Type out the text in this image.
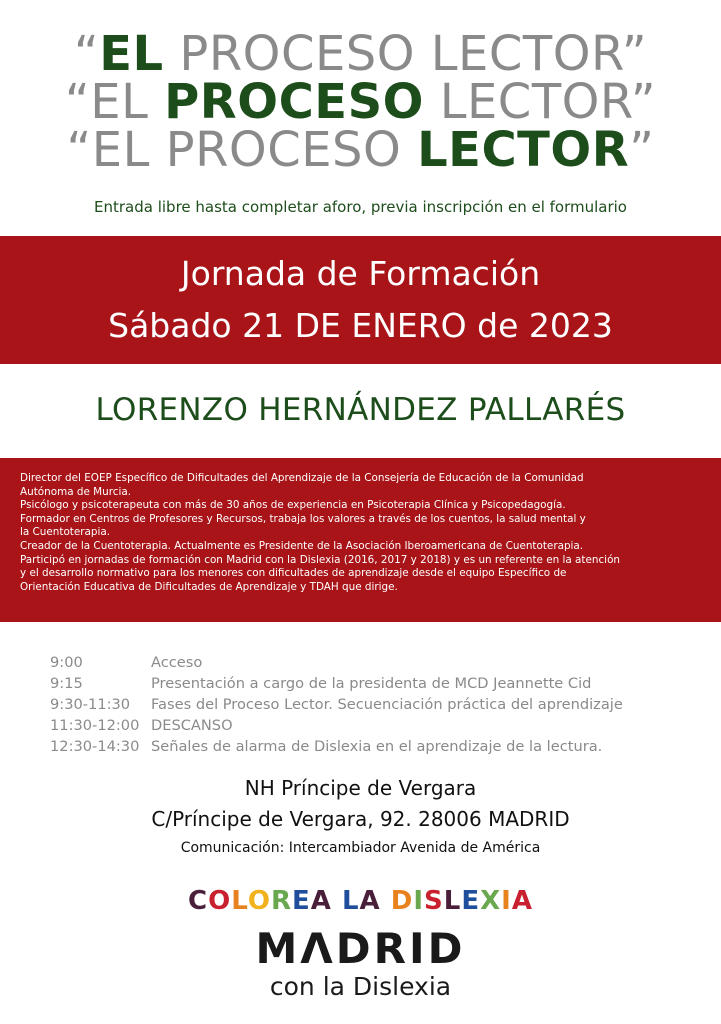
“EL PROCESO LECTOR”
“EL PROCESO LECTOR”
“EL PROCESO LECTOR”
Entrada libre hasta completar aforo, previa inscripción en el formulario
Jornada de Formación
Sábado 21 DE ENERO de 2023
LORENZO HERNÁNDEZ PALLARÉS
Director del EOEP Específico de Dificultades del Aprendizaje de la Consejería de Educación de la Comunidad
Autónoma de Murcia.
Psicólogo y psicoterapeuta con más de 30 años de experiencia en Psicoterapia Clínica y Psicopedagogía.
Formador en Centros de Profesores y Recursos, trabaja los valores a través de los cuentos, la salud mental y
la Cuentoterapia.
Creador de la Cuentoterapia. Actualmente es Presidente de la Asociación Iberoamericana de Cuentoterapia.
Participó en jornadas de formación con Madrid con la Dislexia (2016, 2017 y 2018) y es un referente en la atención
y el desarrollo normativo para los menores con dificultades de aprendizaje desde el equipo Específico de
Orientación Educativa de Dificultades de Aprendizaje y TDAH que dirige.
9:00	Acceso
9:15	Presentación a cargo de la presidenta de MCD Jeannette Cid
9:30-11:30 Fases del Proceso Lector. Secuenciación práctica del aprendizaje
11:30-12:00 DESCANSO
12:30-14:30 Señales de alarma de Dislexia en el aprendizaje de la lectura.
NH Príncipe de Vergara
C/Príncipe de Vergara, 92. 28006 MADRID
Comunicación: Intercambiador Avenida de América
COLOREA LA DISLEXIA
MΛDRID
con la Dislexia
